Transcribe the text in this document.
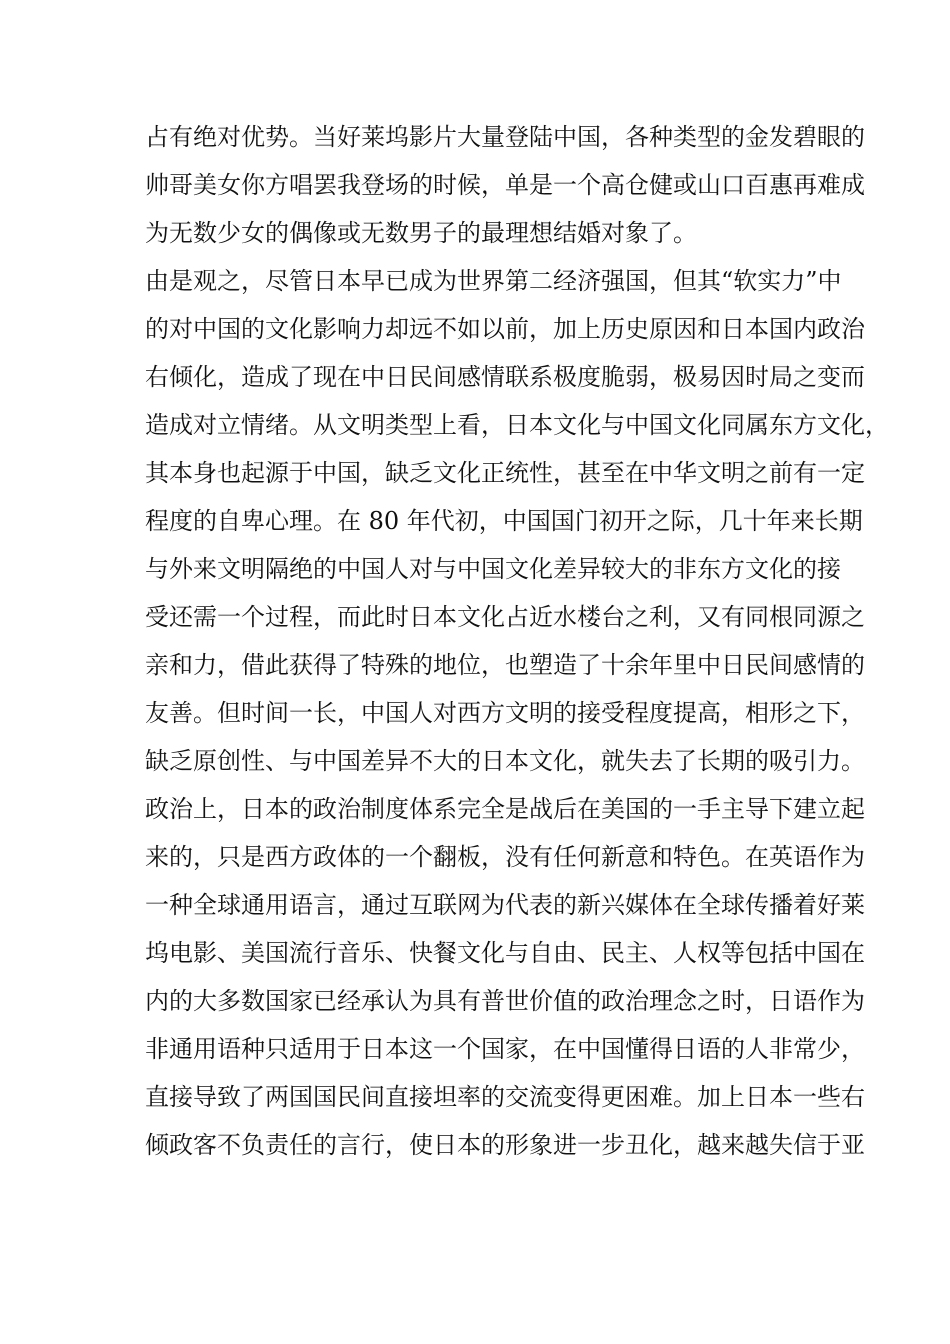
占有绝对优势。当好莱坞影片大量登陆中国，各种类型的金发碧眼的
帅哥美女你方唱罢我登场的时候，单是一个高仓健或山口百惠再难成
为无数少女的偶像或无数男子的最理想结婚对象了。
由是观之，尽管日本早已成为世界第二经济强国，但其“软实力”中
的对中国的文化影响力却远不如以前，加上历史原因和日本国内政治
右倾化，造成了现在中日民间感情联系极度脆弱，极易因时局之变而
造成对立情绪。从文明类型上看，日本文化与中国文化同属东方文化，
其本身也起源于中国，缺乏文化正统性，甚至在中华文明之前有一定
程度的自卑心理。在 80 年代初，中国国门初开之际，几十年来长期
与外来文明隔绝的中国人对与中国文化差异较大的非东方文化的接
受还需一个过程，而此时日本文化占近水楼台之利，又有同根同源之
亲和力，借此获得了特殊的地位，也塑造了十余年里中日民间感情的
友善。但时间一长，中国人对西方文明的接受程度提高，相形之下，
缺乏原创性、与中国差异不大的日本文化，就失去了长期的吸引力。
政治上，日本的政治制度体系完全是战后在美国的一手主导下建立起
来的，只是西方政体的一个翻板，没有任何新意和特色。在英语作为
一种全球通用语言，通过互联网为代表的新兴媒体在全球传播着好莱
坞电影、美国流行音乐、快餐文化与自由、民主、人权等包括中国在
内的大多数国家已经承认为具有普世价值的政治理念之时，日语作为
非通用语种只适用于日本这一个国家，在中国懂得日语的人非常少，
直接导致了两国国民间直接坦率的交流变得更困难。加上日本一些右
倾政客不负责任的言行，使日本的形象进一步丑化，越来越失信于亚
